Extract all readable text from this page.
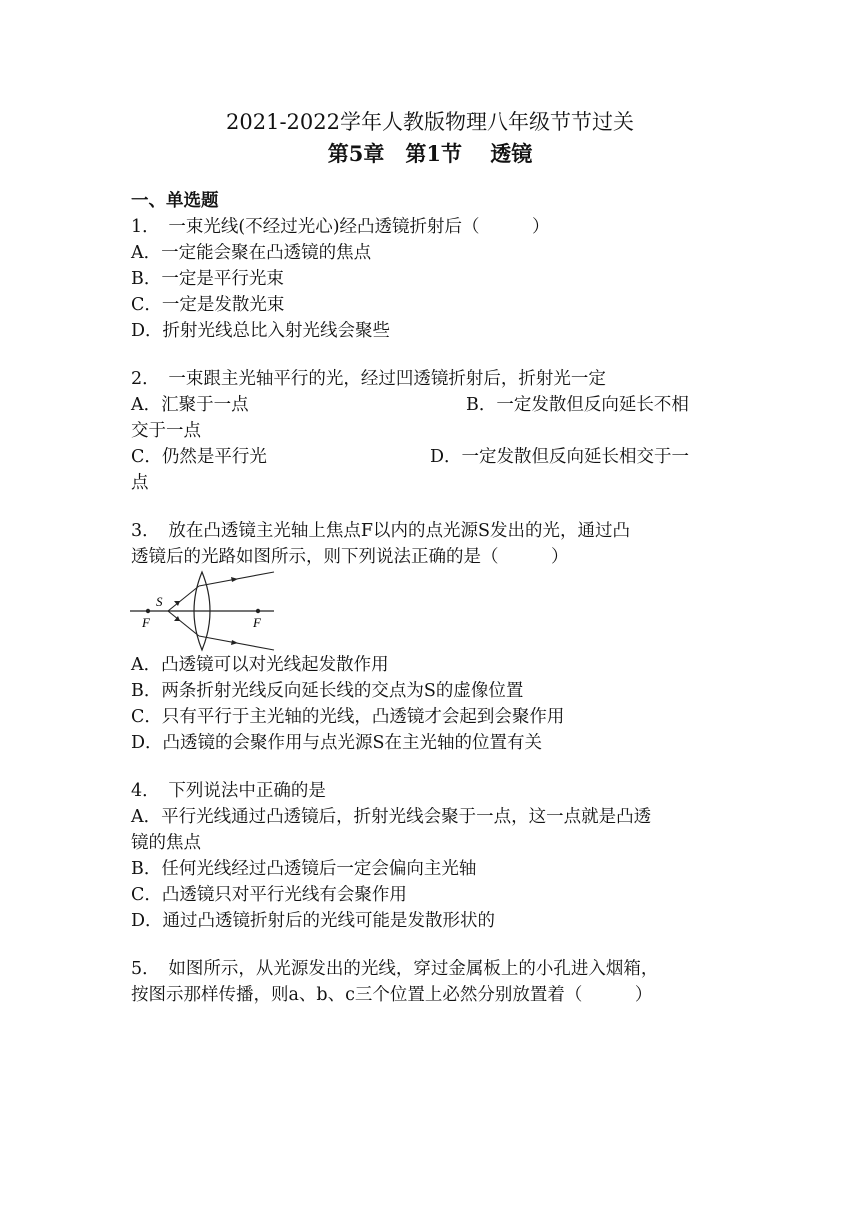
2021-2022学年人教版物理八年级节节过关
第5章　第1节　 透镜
一、单选题
1．　一束光线(不经过光心)经凸透镜折射后（　　　）
A．一定能会聚在凸透镜的焦点
B．一定是平行光束
C．一定是发散光束
D．折射光线总比入射光线会聚些
2．　一束跟主光轴平行的光，经过凹透镜折射后，折射光一定
A．汇聚于一点	B．一定发散但反向延长不相
交于一点
C．仍然是平行光	D．一定发散但反向延长相交于一
点
3．　放在凸透镜主光轴上焦点F以内的点光源S发出的光，通过凸
透镜后的光路如图所示，则下列说法正确的是（　　　）
S
F	F
A．凸透镜可以对光线起发散作用
B．两条折射光线反向延长线的交点为S的虚像位置
C．只有平行于主光轴的光线，凸透镜才会起到会聚作用
D．凸透镜的会聚作用与点光源S在主光轴的位置有关
4．　下列说法中正确的是
A．平行光线通过凸透镜后，折射光线会聚于一点，这一点就是凸透
镜的焦点
B．任何光线经过凸透镜后一定会偏向主光轴
C．凸透镜只对平行光线有会聚作用
D．通过凸透镜折射后的光线可能是发散形状的
5．　如图所示，从光源发出的光线，穿过金属板上的小孔进入烟箱，
按图示那样传播，则a、b、c三个位置上必然分别放置着（　　　）
